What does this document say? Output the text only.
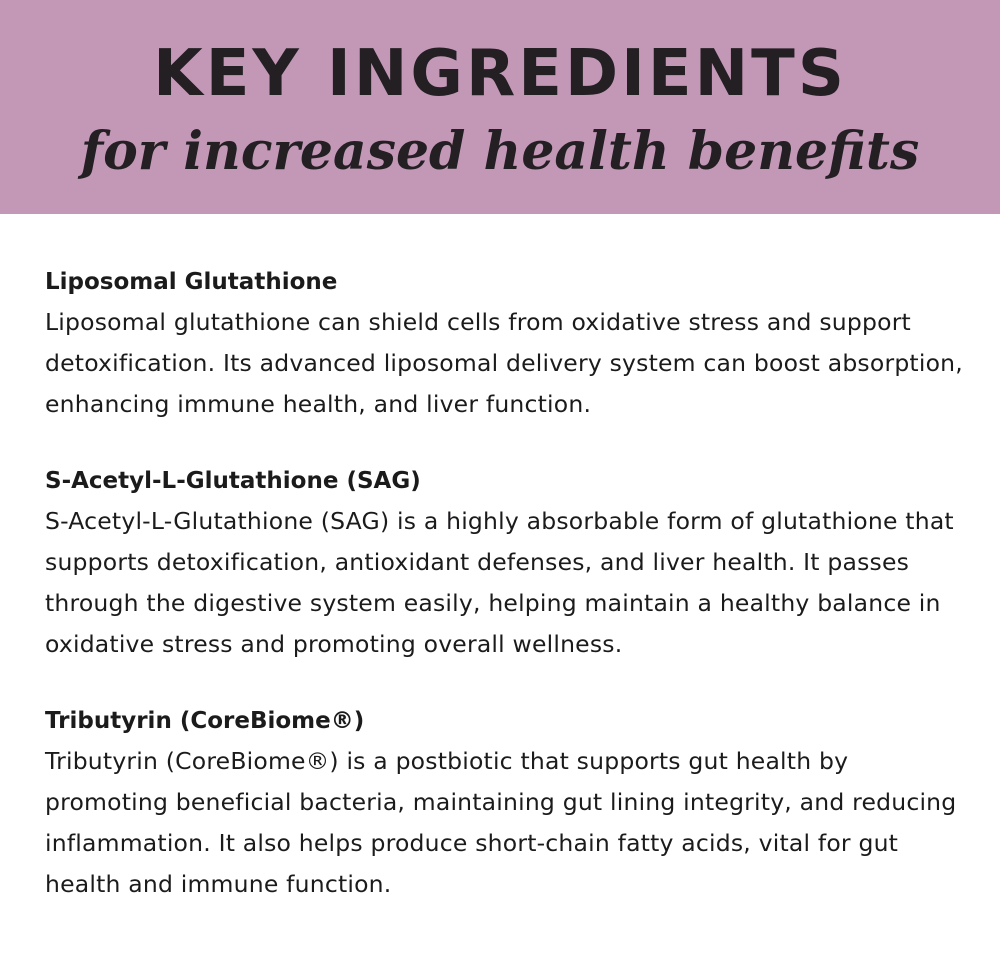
KEY INGREDIENTS
for increased health benefits
Liposomal Glutathione
Liposomal glutathione can shield cells from oxidative stress and support detoxification. Its advanced liposomal delivery system can boost absorption, enhancing immune health, and liver function.
S-Acetyl-L-Glutathione (SAG)
S-Acetyl-L-Glutathione (SAG) is a highly absorbable form of glutathione that supports detoxification, antioxidant defenses, and liver health. It passes through the digestive system easily, helping maintain a healthy balance in oxidative stress and promoting overall wellness.
Tributyrin (CoreBiome®)
Tributyrin (CoreBiome®) is a postbiotic that supports gut health by promoting beneficial bacteria, maintaining gut lining integrity, and reducing inflammation. It also helps produce short-chain fatty acids, vital for gut health and immune function.
